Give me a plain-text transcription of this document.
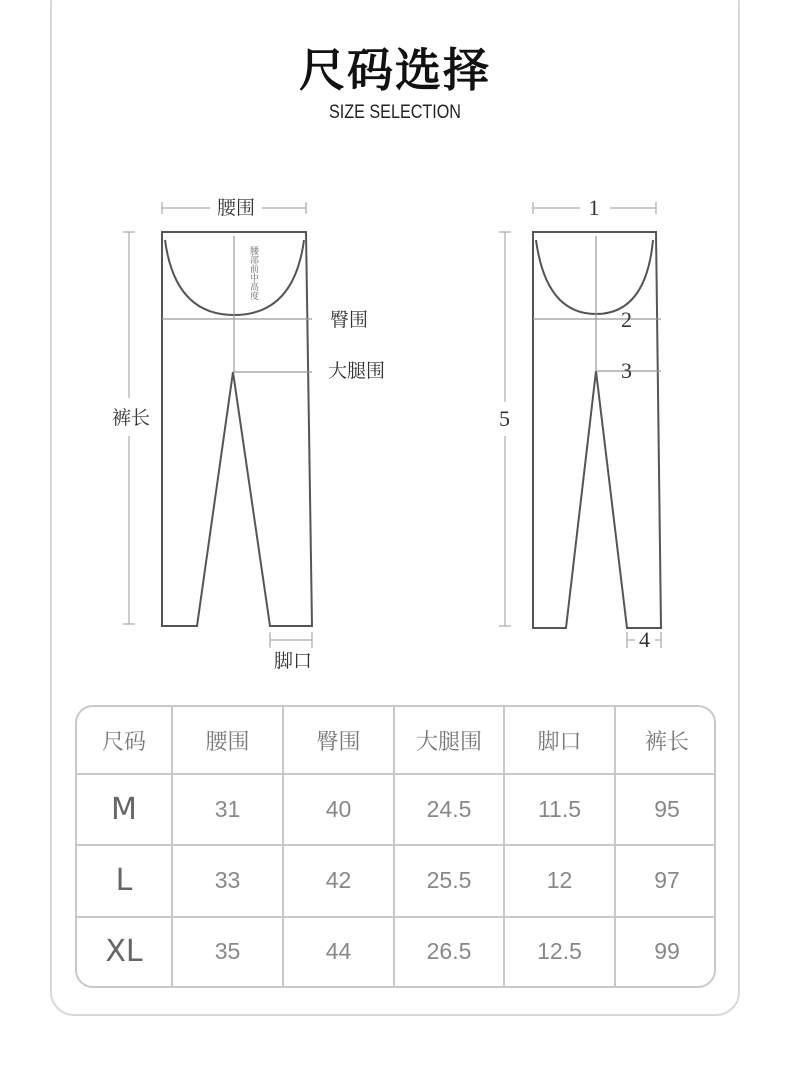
尺码选择
SIZE SELECTION
腰围
腰部前中高度
臀围
大腿围
裤长
脚口
1
2
3
5
4
尺码	腰围	臀围	大腿围	脚口	裤长
M	31	40	24.5	11.5	95
L	33	42	25.5	12	97
XL	35	44	26.5	12.5	99
